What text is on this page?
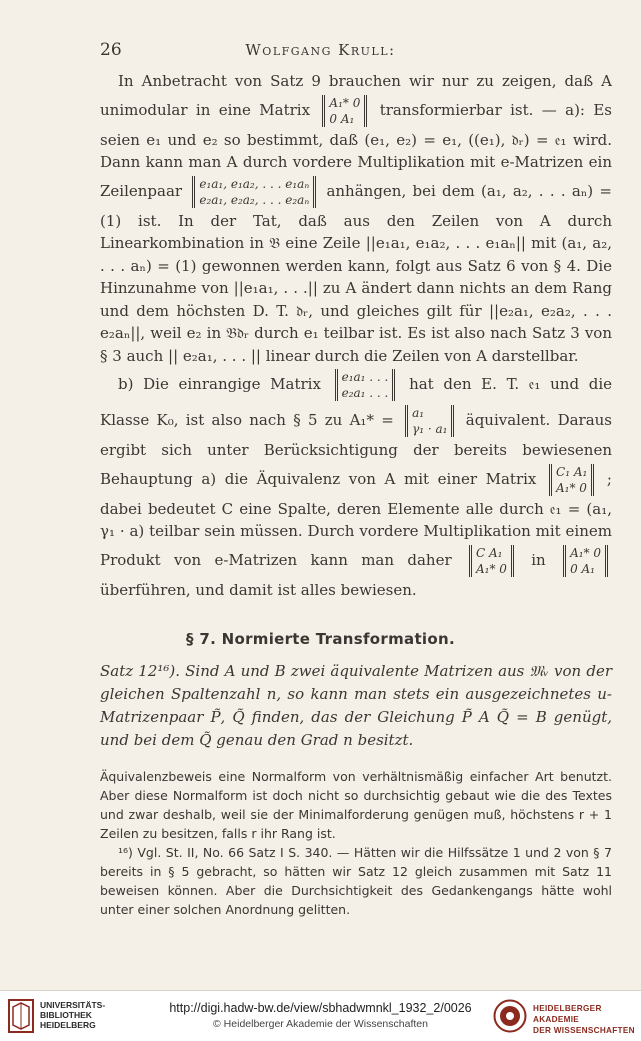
26	Wolfgang Krull:

In Anbetracht von Satz 9 brauchen wir nur zu zeigen, daß A unimodular in eine Matrix A₁* 0
0 A₁	transformierbar ist. — a): Es seien e₁ und e₂ so bestimmt, daß (e₁, e₂) = e₁, ((e₁), 𝔡ᵣ) = 𝔢₁ wird. Dann kann man A durch vordere Multiplikation mit e-Matrizen ein Zeilenpaar e₁a₁, e₁a₂, . . . e₁aₙ
e₂a₁, e₂a₂, . . . e₂aₙ anhängen, bei dem (a₁, a₂, . . . aₙ) = (1) ist. In der Tat, daß aus den Zeilen von A durch Linearkombination in 𝔅 eine Zeile ||e₁a₁, e₁a₂, . . . e₁aₙ|| mit (a₁, a₂, . . . aₙ) = (1) gewonnen werden kann, folgt aus Satz 6 von § 4. Die Hinzunahme von ||e₁a₁, . . .|| zu A ändert dann nichts an dem Rang und dem höchsten D. T. 𝔡ᵣ, und gleiches gilt für ||e₂a₁, e₂a₂, . . . e₂aₙ||, weil e₂ in 𝔅𝔡ᵣ durch e₁ teilbar ist. Es ist also nach Satz 3 von § 3 auch || e₂a₁, . . . || linear durch die Zeilen von A darstellbar.

b) Die einrangige Matrix e₁a₁ . . .
e₂a₁ . . . hat den E. T. 𝔢₁ und die Klasse K₀, ist also nach § 5 zu A₁* = a₁
γ₁ · a₁ äquivalent. Daraus ergibt sich unter Berücksichtigung der bereits bewiesenen Behauptung a) die Äquivalenz von A mit einer Matrix C₁ A₁
A₁* 0 ; dabei bedeutet C eine Spalte, deren Elemente alle durch 𝔢₁ = (a₁, γ₁ · a) teilbar sein müssen. Durch vordere Multiplikation mit einem Produkt von e-Matrizen kann man daher C A₁
A₁* 0 in A₁* 0
0 A₁
überführen, und damit ist alles bewiesen.

§ 7. Normierte Transformation.
Satz 12¹⁶). Sind A und B zwei äquivalente Matrizen aus 𝔐ᵥ von der gleichen Spaltenzahl n, so kann man stets ein ausgezeichnetes u-Matrizenpaar P̃, Q̃ finden, das der Gleichung P̃ A Q̃ = B genügt, und bei dem Q̃ genau den Grad n besitzt.

Äquivalenzbeweis eine Normalform von verhältnismäßig einfacher Art benutzt. Aber diese Normalform ist doch nicht so durchsichtig gebaut wie die des Textes und zwar deshalb, weil sie der Minimalforderung genügen muß, höchstens r + 1 Zeilen zu besitzen, falls r ihr Rang ist.

¹⁶) Vgl. St. II, No. 66 Satz I S. 340. — Hätten wir die Hilfssätze 1 und 2 von § 7 bereits in § 5 gebracht, so hätten wir Satz 12 gleich zusammen mit Satz 11 beweisen können. Aber die Durchsichtigkeit des Gedankengangs hätte wohl unter einer solchen Anordnung gelitten.

UNIVERSITÄTS-
BIBLIOTHEK
HEIDELBERG
http://digi.hadw-bw.de/view/sbhadwmnkl_1932_2/0026
© Heidelberger Akademie der Wissenschaften
HEIDELBERGER AKADEMIE
DER WISSENSCHAFTEN
